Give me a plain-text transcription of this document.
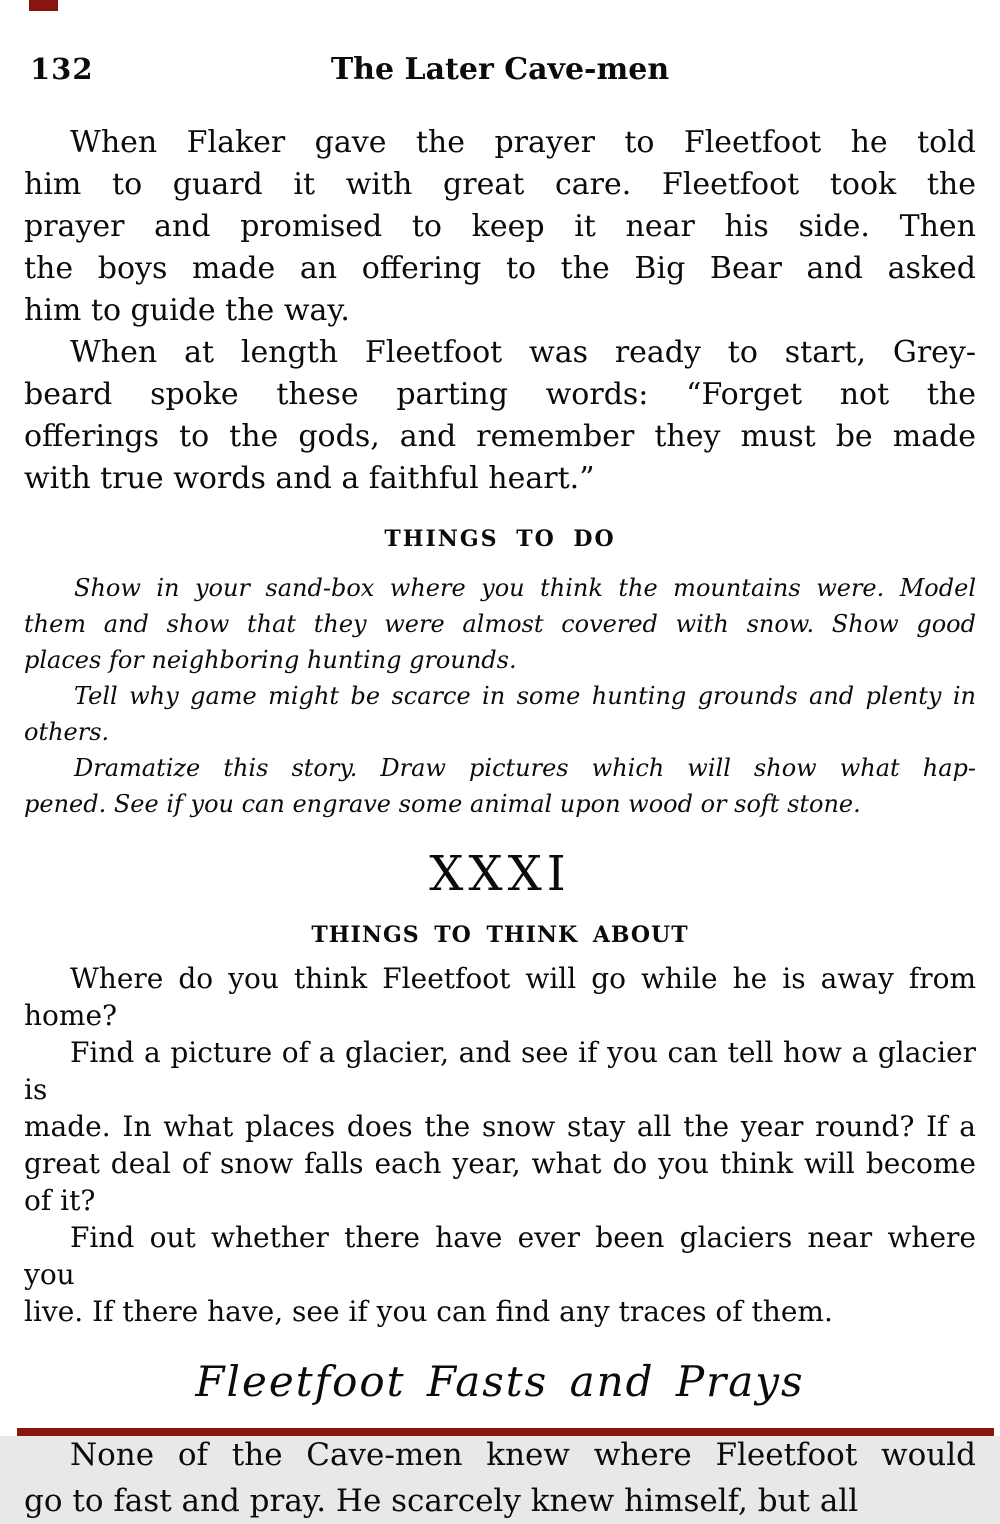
132	The Later Cave-men
When Flaker gave the prayer to Fleetfoot he told
him to guard it with great care. Fleetfoot took the
prayer and promised to keep it near his side. Then
the boys made an offering to the Big Bear and asked
him to guide the way.
When at length Fleetfoot was ready to start, Grey-
beard spoke these parting words: “Forget not the
offerings to the gods, and remember they must be made
with true words and a faithful heart.”
THINGS TO DO
Show in your sand-box where you think the mountains were. Model
them and show that they were almost covered with snow. Show good
places for neighboring hunting grounds.
Tell why game might be scarce in some hunting grounds and plenty in
others.
Dramatize this story. Draw pictures which will show what hap-
pened. See if you can engrave some animal upon wood or soft stone.
XXXI
THINGS TO THINK ABOUT
Where do you think Fleetfoot will go while he is away from home?
Find a picture of a glacier, and see if you can tell how a glacier is
made. In what places does the snow stay all the year round? If a
great deal of snow falls each year, what do you think will become of it?
Find out whether there have ever been glaciers near where you
live. If there have, see if you can find any traces of them.
Fleetfoot Fasts and Prays
None of the Cave-men knew where Fleetfoot would
go to fast and pray. He scarcely knew himself, but all
